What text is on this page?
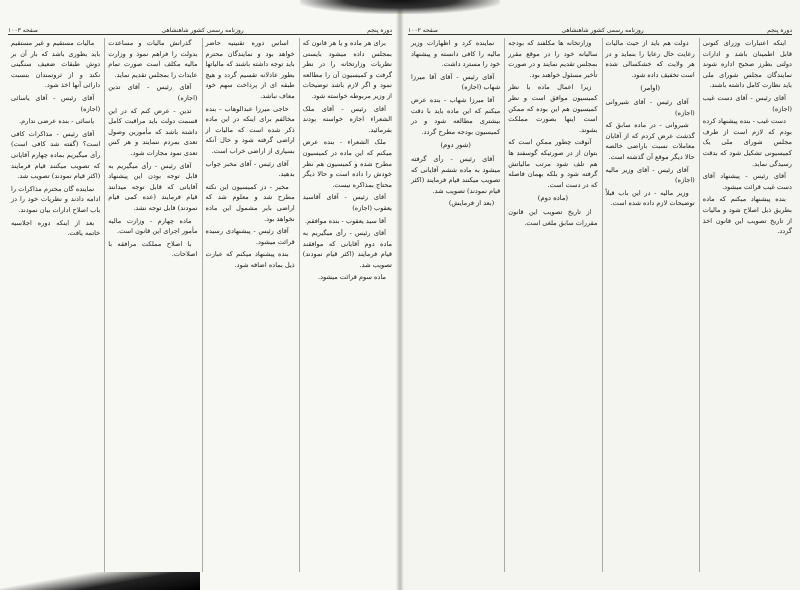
دوره پنجم
روزنامه رسمی کشور شاهنشاهی
صفحه ۱۰۰۳

برای هر ماده و یا هر قانون که بمجلس داده میشود بایستی نظریات وزارتخانه را در نظر گرفت و کمیسیون آن را مطالعه نمود و اگر لازم باشد توضیحات از وزیر مربوطه خواسته شود.

آقای رئیس - آقای ملک الشعراء اجازه خواسته بودند بفرمائید.

ملک الشعراء - بنده عرض میکنم که این ماده در کمیسیون مطرح شده و کمیسیون هم نظر خودش را داده است و حالا دیگر محتاج بمذاکره نیست.

آقای رئیس - آقای آقاسید یعقوب (اجازه)

آقا سید یعقوب - بنده موافقم.

آقای رئیس - رأی میگیریم به ماده دوم آقایانی که موافقند قیام فرمایند (اکثر قیام نمودند) تصویب شد.

ماده سوم قرائت میشود.

اساس دوره تقنینیه حاضر خواهد بود و نمایندگان محترم باید توجه داشته باشند که مالیاتها بطور عادلانه تقسیم گردد و هیچ طبقه ای از پرداخت سهم خود معاف نباشد.

حاجی میرزا عبدالوهاب - بنده مخالفم برای اینکه در این ماده ذکر شده است که مالیات از اراضی گرفته شود و حال آنکه بسیاری از اراضی خراب است.

آقای رئیس - آقای مخبر جواب بدهید.

مخبر - در کمیسیون این نکته مطرح شد و معلوم شد که اراضی بایر مشمول این ماده نخواهد بود.

آقای رئیس - پیشنهادی رسیده قرائت میشود.

بنده پیشنهاد میکنم که عبارت ذیل بماده اضافه شود.

گذرانش مالیات و مساعدت بدولت را فراهم نمود و وزارت مالیه مکلف است صورت تمام عایدات را بمجلس تقدیم نماید.

آقای رئیس - آقای تدین (اجازه)

تدین - عرض کنم که در این قسمت دولت باید مراقبت کامل داشته باشد که مأمورین وصول تعدی بمردم ننمایند و هر کس تعدی نمود مجازات شود.

آقای رئیس - رأی میگیریم به قابل توجه بودن این پیشنهاد آقایانی که قابل توجه میدانند قیام فرمایند (عده کمی قیام نمودند) قابل توجه نشد.

ماده چهارم - وزارت مالیه مأمور اجرای این قانون است.

با اصلاح مملکت مرافقه با اصلاحات.

مالیات مستقیم و غیر مستقیم باید بطوری باشد که بار آن بر دوش طبقات ضعیف سنگینی نکند و از ثروتمندان بنسبت دارائی آنها اخذ شود.

آقای رئیس - آقای یاسائی (اجازه)

یاسائی - بنده عرضی ندارم.

آقای رئیس - مذاکرات کافی است؟ (گفته شد کافی است) رأی میگیریم بماده چهارم آقایانی که تصویب میکنند قیام فرمایند (اکثر قیام نمودند) تصویب شد.

نماینده گان محترم مذاکرات را ادامه دادند و نظریات خود را در باب اصلاح ادارات بیان نمودند.

بعد از اینکه دوره اجلاسیه خاتمه یافت.

دوره پنجم
روزنامه رسمی کشور شاهنشاهی
صفحه ۱۰۰۲

اینکه اعتبارات وزرای کنونی قابل اطمینان باشد و ادارات دولتی بطرز صحیح اداره شوند نمایندگان مجلس شورای ملی باید نظارت کامل داشته باشند.

آقای رئیس - آقای دست غیب (اجازه)

دست غیب - بنده پیشنهاد کرده بودم که لازم است از طرف مجلس شورای ملی یک کمیسیونی تشکیل شود که بدقت رسیدگی نماید.

آقای رئیس - پیشنهاد آقای دست غیب قرائت میشود.

بنده پیشنهاد میکنم که ماده بطریق ذیل اصلاح شود و مالیات از تاریخ تصویب این قانون اخذ گردد.

دولت هم باید از حیث مالیات رعایت حال رعایا را بنماید و در هر ولایت که خشکسالی شده است تخفیف داده شود.

(اوامر)

آقای رئیس - آقای شیروانی (اجازه)

شیروانی - در ماده سابق که گذشت عرض کردم که از آقایان معاملات نسبت باراضی خالصه حالا دیگر موقع آن گذشته است.

آقای رئیس - آقای وزیر مالیه (اجازه)

وزیر مالیه - در این باب قبلاً توضیحات لازم داده شده است.

وزارتخانه ها مکلفند که بودجه سالیانه خود را در موقع مقرر بمجلس تقدیم نمایند و در صورت تأخیر مسئول خواهند بود.

زیرا اعمال ماده با نظر کمیسیون موافق است و نظر کمیسیون هم این بوده که ممکن است اینها بصورت مملکت بشوند.

آنوقت چطور ممکن است که بتوان از در صورتیکه گوسفند ها هم تلف شود مرتب مالیاتش گرفته شود و بلکه بهمان فاصله که در دست است.

(ماده دوم)

از تاریخ تصویب این قانون مقررات سابق ملغی است.

نماینده کرد و اظهارات وزیر مالیه را کافی دانسته و پیشنهاد خود را مسترد داشت.

آقای رئیس - آقای آقا میرزا شهاب (اجازه)

آقا میرزا شهاب - بنده عرض میکنم که این ماده باید با دقت بیشتری مطالعه شود و در کمیسیون بودجه مطرح گردد.

(شور دوم)

آقای رئیس - رأی گرفته میشود به ماده ششم آقایانی که تصویب میکنند قیام فرمایند (اکثر قیام نمودند) تصویب شد.

(بعد از فرمایش)
